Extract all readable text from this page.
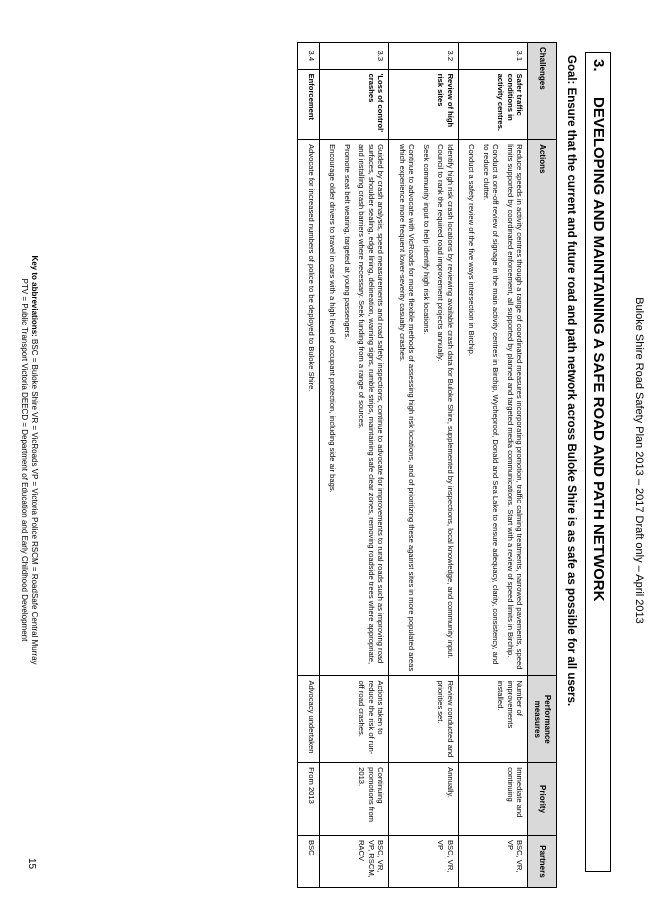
Buloke Shire Road Safety Plan 2013 – 2017 Draft only – April 2013
3.DEVELOPING AND MAINTAINING A SAFE ROAD AND PATH NETWORK
Goal: Ensure that the current and future road and path network across Buloke Shire is as safe as possible for all users.
Challenges		Actions	Performance measures	Priority	Partners
3.1	Safer traffic conditions in activity centres.	Reduce speeds in activity centres through a range of coordinated measures incorporating promotion, traffic calming treatments, narrowed pavements, speed limits supported by coordinated enforcement, all supported by planned and targeted media communications. Start with a review of speed limits in Birchip.

Conduct a one-off review of signage in the main activity centres in Birchip, Wycheproof, Donald and Sea Lake to ensure adequacy, clarity, consistency, and to reduce clutter.

Conduct a safety review of the five ways intersection in Birchip.	Number of improvements installed.	Immediate and continuing	BSC, VR, VP
3.2	Review of high risk sites	Identify high risk crash locations by reviewing available crash data for Buloke Shire, supplemented by inspections, local knowledge, and community input. Council to rank the required road improvement projects annually.

Seek community input to help identify high risk locations.

Continue to advocate with VicRoads for more flexible methods of assessing high risk locations, and of prioritizing these against sites in more populated areas which experience more frequent lower-severity casualty crashes.	Review conducted and priorities set.	Annually.	BSC, VR, VP
3.3	'Loss of control' crashes	Guided by crash analysis, speed measurements and road safety inspections, continue to advocate for improvements to rural roads such as improving road surfaces, shoulder sealing, edge lining, delineation, warning signs, rumble strips, maintaining safe clear zones, removing roadside trees where appropriate, and installing crash barriers where necessary. Seek funding from a range of sources.

Promote seat belt wearing, targeted at young passengers.

Encourage older drivers to travel in cars with a high level of occupant protection, including side air bags.	Actions taken to reduce the risk of run-off road crashes.	Continuing promotions from 2013.	BSC, VR, VP, RSCM, RACV
3.4	Enforcement	Advocate for increased numbers of police to be deployed to Buloke Shire.	Advocacy undertaken	From 2013	BSC
Key to abbreviations: BSC = Buloke Shire VR = VicRoads VP = Victoria Police RSCM = RoadSafe Central Murray
PTV = Public Transport Victoria DEECD = Department of Education and Early Childhood Development
15
